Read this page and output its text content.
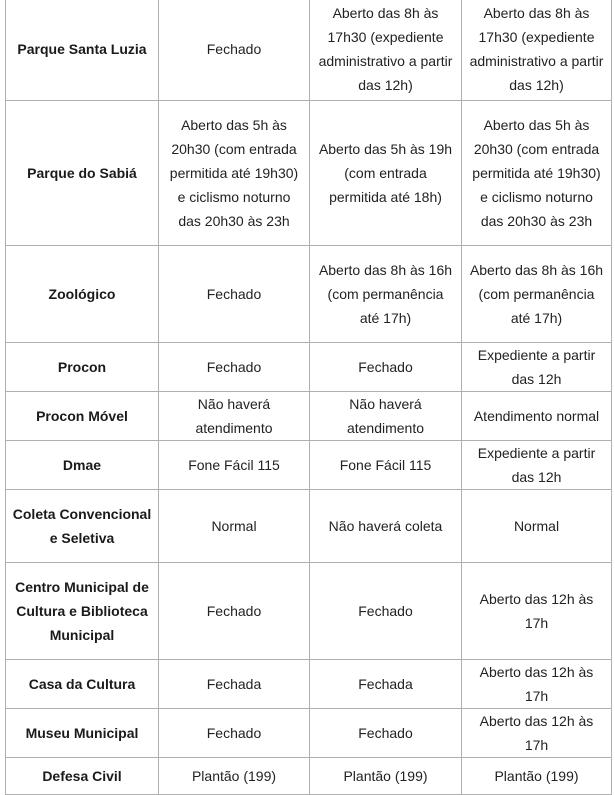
Parque Santa Luzia	Fechado	Aberto das 8h às 17h30 (expediente administrativo a partir das 12h)	Aberto das 8h às 17h30 (expediente administrativo a partir das 12h)
Parque do Sabiá	Aberto das 5h às 20h30 (com entrada permitida até 19h30) e ciclismo noturno das 20h30 às 23h	Aberto das 5h às 19h (com entrada permitida até 18h)	Aberto das 5h às 20h30 (com entrada permitida até 19h30) e ciclismo noturno das 20h30 às 23h
Zoológico	Fechado	Aberto das 8h às 16h (com permanência até 17h)	Aberto das 8h às 16h (com permanência até 17h)
Procon	Fechado	Fechado	Expediente a partir das 12h
Procon Móvel	Não haverá atendimento	Não haverá atendimento	Atendimento normal
Dmae	Fone Fácil 115	Fone Fácil 115	Expediente a partir das 12h
Coleta Convencional e Seletiva	Normal	Não haverá coleta	Normal
Centro Municipal de Cultura e Biblioteca Municipal	Fechado	Fechado	Aberto das 12h às 17h
Casa da Cultura	Fechada	Fechada	Aberto das 12h às 17h
Museu Municipal	Fechado	Fechado	Aberto das 12h às 17h
Defesa Civil	Plantão (199)	Plantão (199)	Plantão (199)
